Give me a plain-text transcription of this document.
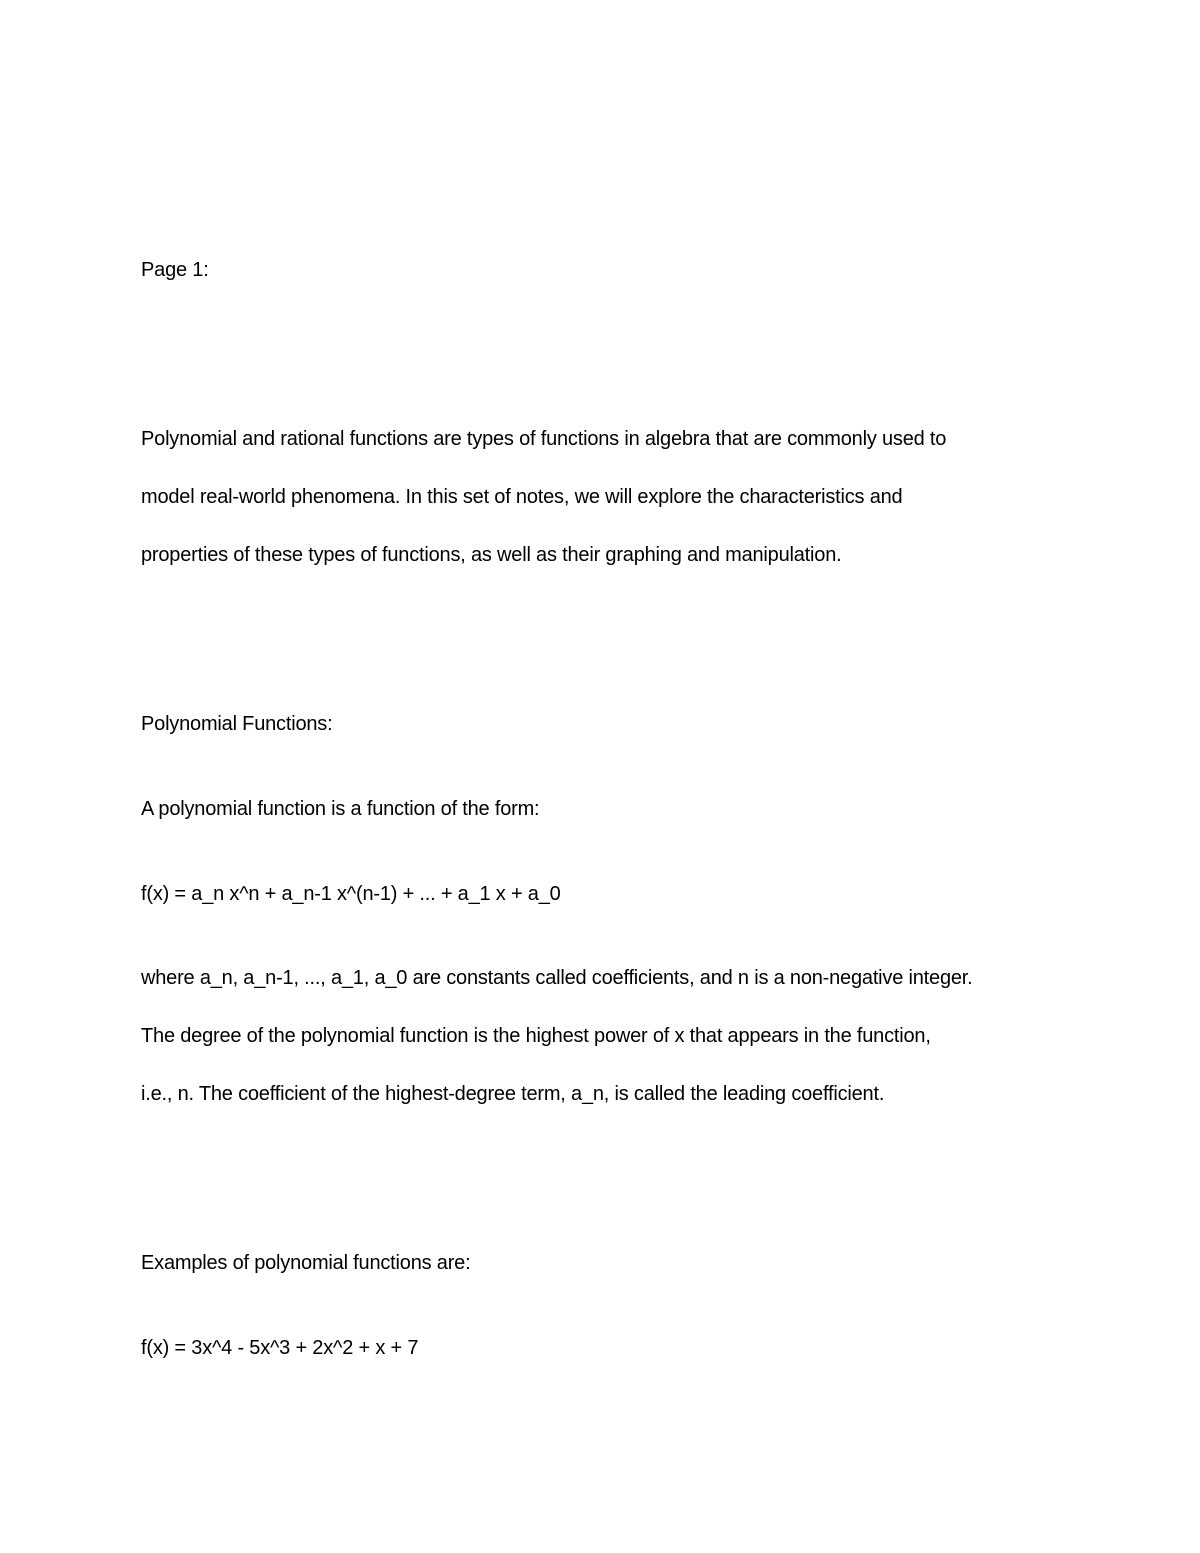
Page 1:

Polynomial and rational functions are types of functions in algebra that are commonly used to

model real-world phenomena. In this set of notes, we will explore the characteristics and

properties of these types of functions, as well as their graphing and manipulation.

Polynomial Functions:

A polynomial function is a function of the form:

f(x) = a_n x^n + a_n-1 x^(n-1) + ... + a_1 x + a_0

where a_n, a_n-1, ..., a_1, a_0 are constants called coefficients, and n is a non-negative integer.

The degree of the polynomial function is the highest power of x that appears in the function,

i.e., n. The coefficient of the highest-degree term, a_n, is called the leading coefficient.

Examples of polynomial functions are:

f(x) = 3x^4 - 5x^3 + 2x^2 + x + 7
